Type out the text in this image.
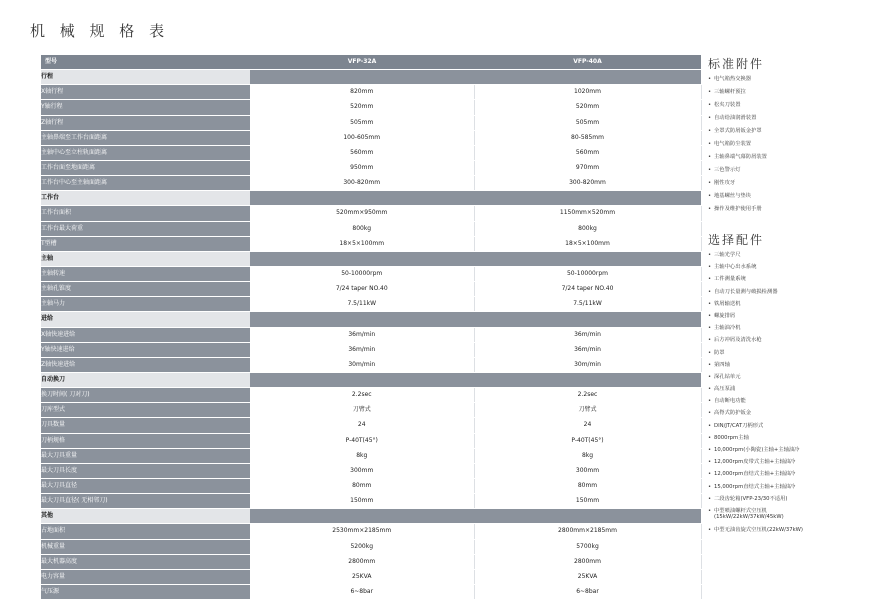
机 械 规 格 表
型号	VFP-32A	VFP-40A
行程		
X轴行程	820mm	1020mm
Y轴行程	520mm	520mm
Z轴行程	505mm	505mm
主轴鼻端至工作台面距离	100-605mm	80-585mm
主轴中心至立柱轨面距离	560mm	560mm
工作台面至地面距离	950mm	970mm
工作台中心至主轴面距离	300-820mm	300-820mm
工作台		
工作台面积	520mm×950mm	1150mm×520mm
工作台最大荷重	800kg	800kg
T型槽	18×5×100mm	18×5×100mm
主轴		
主轴转速	50-10000rpm	50-10000rpm
主轴孔锥度	7/24 taper NO.40	7/24 taper NO.40
主轴马力	7.5/11kW	7.5/11kW
进给		
X轴快速进给	36m/min	36m/min
Y轴快速进给	36m/min	36m/min
Z轴快速进给	30m/min	30m/min
自动换刀		
换刀时间( 刀对刀)	2.2sec	2.2sec
刀库型式	刀臂式	刀臂式
刀具数量	24	24
刀柄规格	P-40T(45°)	P-40T(45°)
最大刀具重量	8kg	8kg
最大刀具长度	300mm	300mm
最大刀具直径	80mm	80mm
最大刀具直径( 无相邻刀)	150mm	150mm
其他		
占地面积	2530mm×2185mm	2800mm×2185mm
机械重量	5200kg	5700kg
最大机器高度	2800mm	2800mm
电力容量	25KVA	25KVA
气压源	6~8bar	6~8bar
标准附件
• 电气箱热交换器
• 三轴螺杆预拉
• 松夹刀装置
• 自动给油润滑装置
• 全罩式防屑钣金护罩
• 电气箱防尘装置
• 主轴鼻端气幕防屑装置
• 三色警示灯
• 刚性攻牙
• 地基螺丝与垫块
• 操作及维护使用手册
选择配件
• 三轴光学尺
• 主轴中心出水系统
• 工件测量系统
• 自动刀长量测与破损检测器
• 铁屑输送机
• 螺旋排屑
• 主轴油冷机
• 后方冲屑及清洗水枪
• 防罩
• 第四轴
• 深孔钻单元
• 高压泵浦
• 自动断电功能
• 高脊式防护钣金
• DIN/JT/CAT刀柄形式
• 8000rpm主轴
• 10,000rpm(小陶瓷)主轴+主轴油冷
• 12,000rpm皮带式主轴+主轴油冷
• 12,000rpm直结式主轴+主轴油冷
• 15,000rpm直结式主轴+主轴油冷
• 二段齿轮箱(VFP-23/30不适用)
• 中型喷油螺杆式空压机
(15kW/22kW/37kW/45kW)
• 中型无油齿旋式空压机(22kW/37kW)
